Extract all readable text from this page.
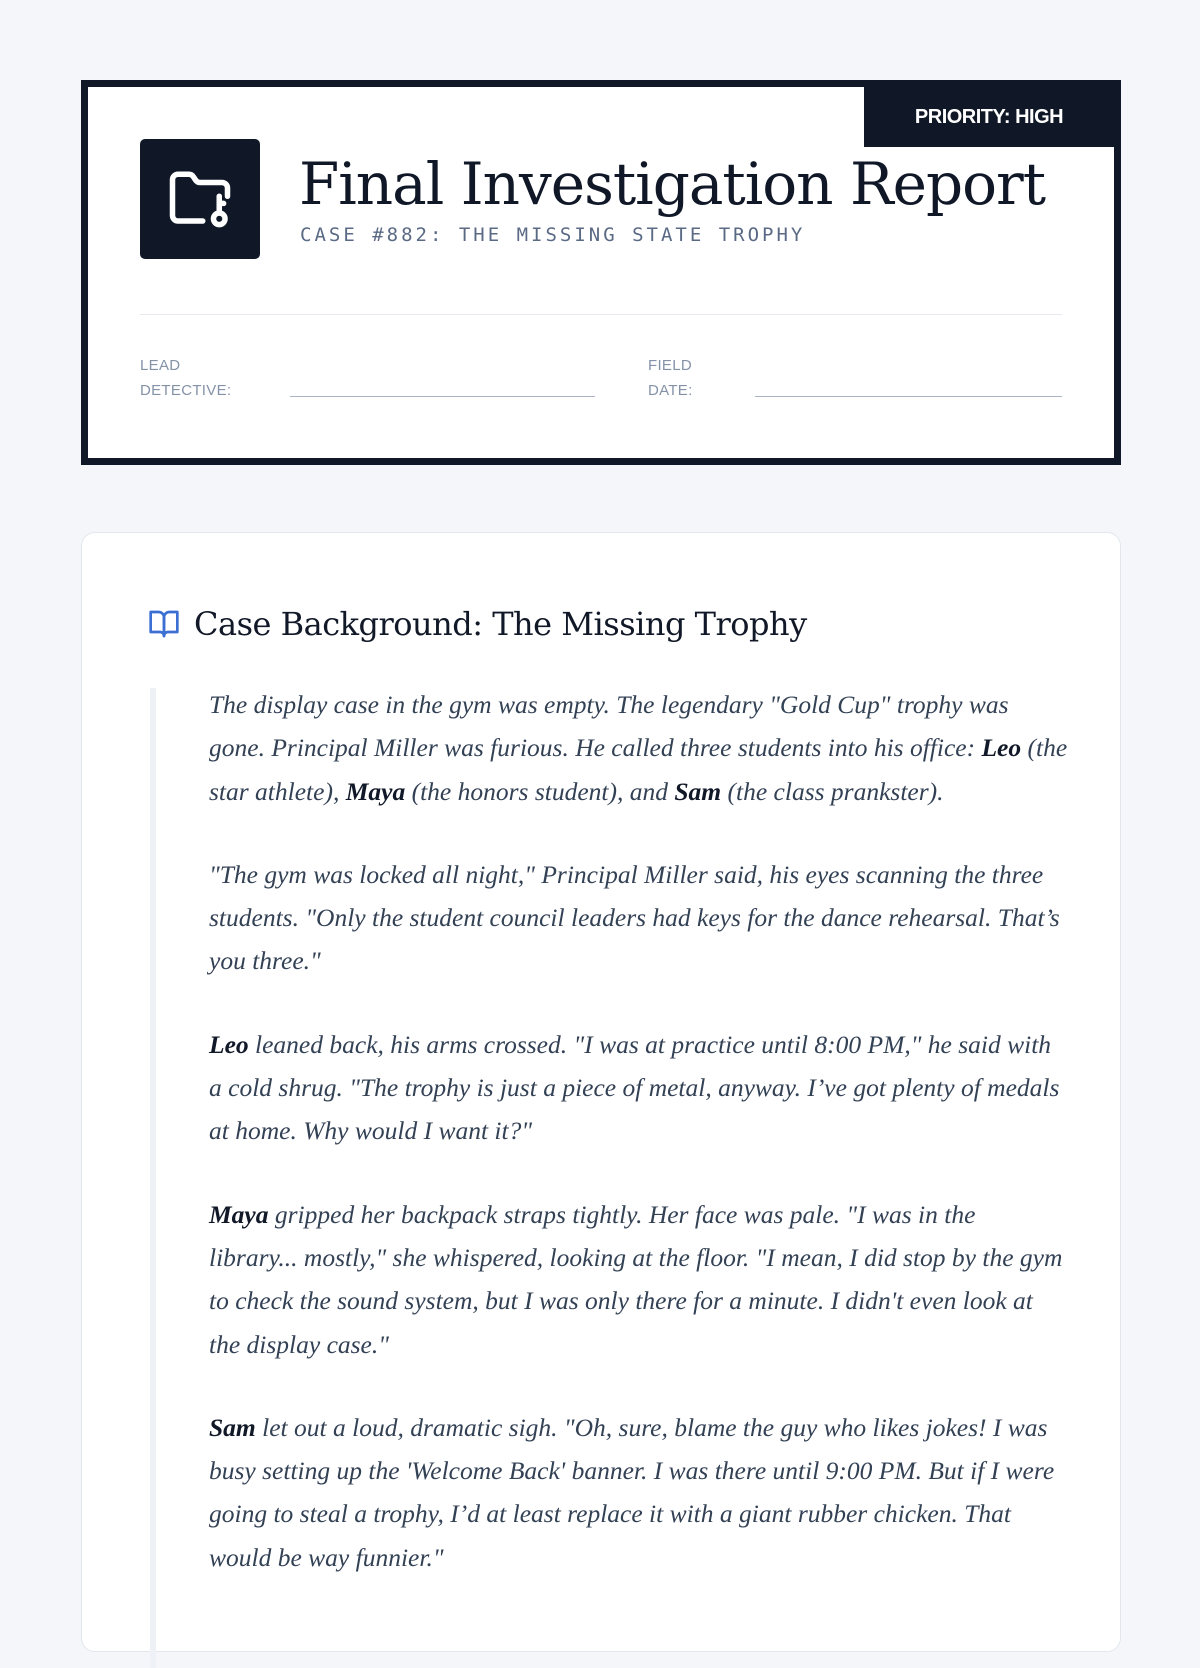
PRIORITY: HIGH
Final Investigation Report
CASE #882: THE MISSING STATE TROPHY
LEAD
DETECTIVE:
FIELD
DATE:
Case Background: The Missing Trophy

The display case in the gym was empty. The legendary "Gold Cup" trophy was gone. Principal Miller was furious. He called three students into his office: Leo (the star athlete), Maya (the honors student), and Sam (the class prankster).

"The gym was locked all night," Principal Miller said, his eyes scanning the three students. "Only the student council leaders had keys for the dance rehearsal. That’s you three."

Leo leaned back, his arms crossed. "I was at practice until 8:00 PM," he said with a cold shrug. "The trophy is just a piece of metal, anyway. I’ve got plenty of medals at home. Why would I want it?"

Maya gripped her backpack straps tightly. Her face was pale. "I was in the library... mostly," she whispered, looking at the floor. "I mean, I did stop by the gym to check the sound system, but I was only there for a minute. I didn't even look at the display case."

Sam let out a loud, dramatic sigh. "Oh, sure, blame the guy who likes jokes! I was busy setting up the 'Welcome Back' banner. I was there until 9:00 PM. But if I were going to steal a trophy, I’d at least replace it with a giant rubber chicken. That would be way funnier."
